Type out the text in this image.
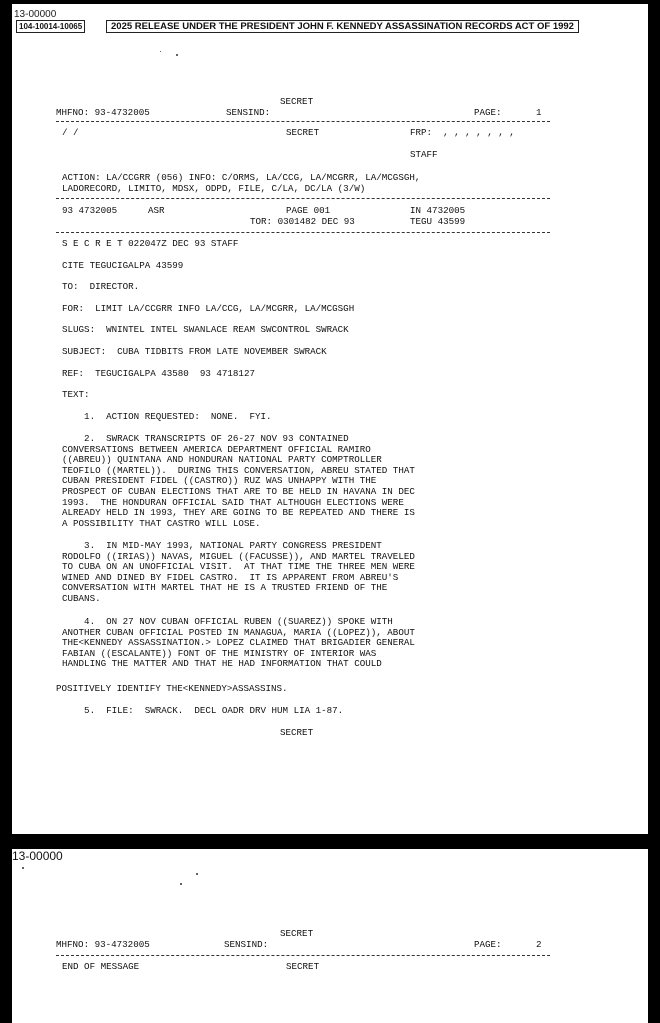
13-00000
104-10014-10065	2025 RELEASE UNDER THE PRESIDENT JOHN F. KENNEDY ASSASSINATION RECORDS ACT OF 1992
SECRET
MHFNO: 93-4732005	SENSIND:	PAGE:	1
/ /	SECRET	FRP:  , , , , , , ,
STAFF
ACTION: LA/CCGRR (056) INFO: C/ORMS, LA/CCG, LA/MCGRR, LA/MCGSGH,
LADORECORD, LIMITO, MDSX, ODPD, FILE, C/LA, DC/LA (3/W)
93 4732005	ASR	PAGE 001	IN 4732005
TOR: 0301482 DEC 93	TEGU 43599
S E C R E T 022047Z DEC 93 STAFF
CITE TEGUCIGALPA 43599
TO:  DIRECTOR.
FOR:  LIMIT LA/CCGRR INFO LA/CCG, LA/MCGRR, LA/MCGSGH
SLUGS:  WNINTEL INTEL SWANLACE REAM SWCONTROL SWRACK
SUBJECT:  CUBA TIDBITS FROM LATE NOVEMBER SWRACK
REF:  TEGUCIGALPA 43580  93 4718127
TEXT:
1.  ACTION REQUESTED:  NONE.  FYI.
2.  SWRACK TRANSCRIPTS OF 26-27 NOV 93 CONTAINED
CONVERSATIONS BETWEEN AMERICA DEPARTMENT OFFICIAL RAMIRO
((ABREU)) QUINTANA AND HONDURAN NATIONAL PARTY COMPTROLLER
TEOFILO ((MARTEL)).  DURING THIS CONVERSATION, ABREU STATED THAT
CUBAN PRESIDENT FIDEL ((CASTRO)) RUZ WAS UNHAPPY WITH THE
PROSPECT OF CUBAN ELECTIONS THAT ARE TO BE HELD IN HAVANA IN DEC
1993.  THE HONDURAN OFFICIAL SAID THAT ALTHOUGH ELECTIONS WERE
ALREADY HELD IN 1993, THEY ARE GOING TO BE REPEATED AND THERE IS
A POSSIBILITY THAT CASTRO WILL LOSE.
3.  IN MID-MAY 1993, NATIONAL PARTY CONGRESS PRESIDENT
RODOLFO ((IRIAS)) NAVAS, MIGUEL ((FACUSSE)), AND MARTEL TRAVELED
TO CUBA ON AN UNOFFICIAL VISIT.  AT THAT TIME THE THREE MEN WERE
WINED AND DINED BY FIDEL CASTRO.  IT IS APPARENT FROM ABREU'S
CONVERSATION WITH MARTEL THAT HE IS A TRUSTED FRIEND OF THE
CUBANS.
4.  ON 27 NOV CUBAN OFFICIAL RUBEN ((SUAREZ)) SPOKE WITH
ANOTHER CUBAN OFFICIAL POSTED IN MANAGUA, MARIA ((LOPEZ)), ABOUT
THE<KENNEDY ASSASSINATION.> LOPEZ CLAIMED THAT BRIGADIER GENERAL
FABIAN ((ESCALANTE)) FONT OF THE MINISTRY OF INTERIOR WAS
HANDLING THE MATTER AND THAT HE HAD INFORMATION THAT COULD
POSITIVELY IDENTIFY THE<KENNEDY>ASSASSINS.
5.  FILE:  SWRACK.  DECL OADR DRV HUM LIA 1-87.
SECRET
13-00000
SECRET
MHFNO: 93-4732005	SENSIND:	PAGE:	2
END OF MESSAGE	SECRET
